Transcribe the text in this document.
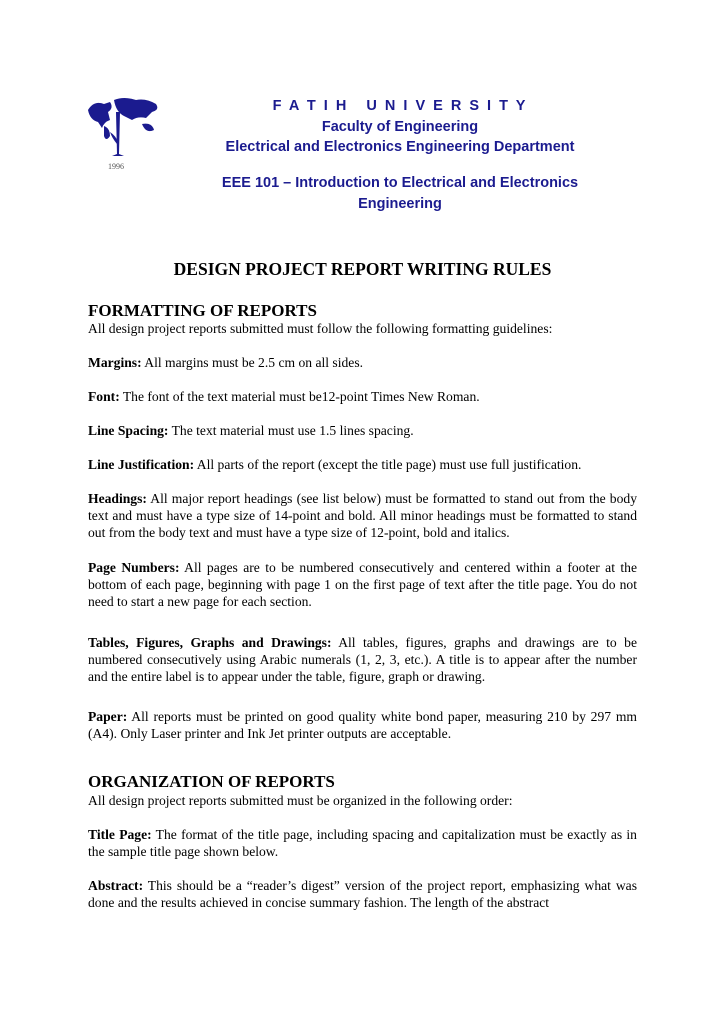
1996
F A T I H   U N I V E R S I T Y
Faculty of Engineering
Electrical and Electronics Engineering Department
EEE 101 – Introduction to Electrical and Electronics
Engineering
DESIGN PROJECT REPORT WRITING RULES
FORMATTING OF REPORTS
All design project reports submitted must follow the following formatting guidelines:
Margins: All margins must be 2.5 cm on all sides.
Font: The font of the text material must be12-point Times New Roman.
Line Spacing: The text material must use 1.5 lines spacing.
Line Justification: All parts of the report (except the title page) must use full justification.
Headings: All major report headings (see list below) must be formatted to stand out from the body text and must have a type size of 14-point and bold. All minor headings must be formatted to stand out from the body text and must have a type size of 12-point, bold and italics.
Page Numbers: All pages are to be numbered consecutively and centered within a footer at the bottom of each page, beginning with page 1 on the first page of text after the title page. You do not need to start a new page for each section.
Tables, Figures, Graphs and Drawings: All tables, figures, graphs and drawings are to be numbered consecutively using Arabic numerals (1, 2, 3, etc.). A title is to appear after the number and the entire label is to appear under the table, figure, graph or drawing.
Paper: All reports must be printed on good quality white bond paper, measuring 210 by 297 mm (A4). Only Laser printer and Ink Jet printer outputs are acceptable.
ORGANIZATION OF REPORTS
All design project reports submitted must be organized in the following order:
Title Page: The format of the title page, including spacing and capitalization must be exactly as in the sample title page shown below.
Abstract: This should be a “reader’s digest” version of the project report, emphasizing what was done and the results achieved in concise summary fashion. The length of the abstract
